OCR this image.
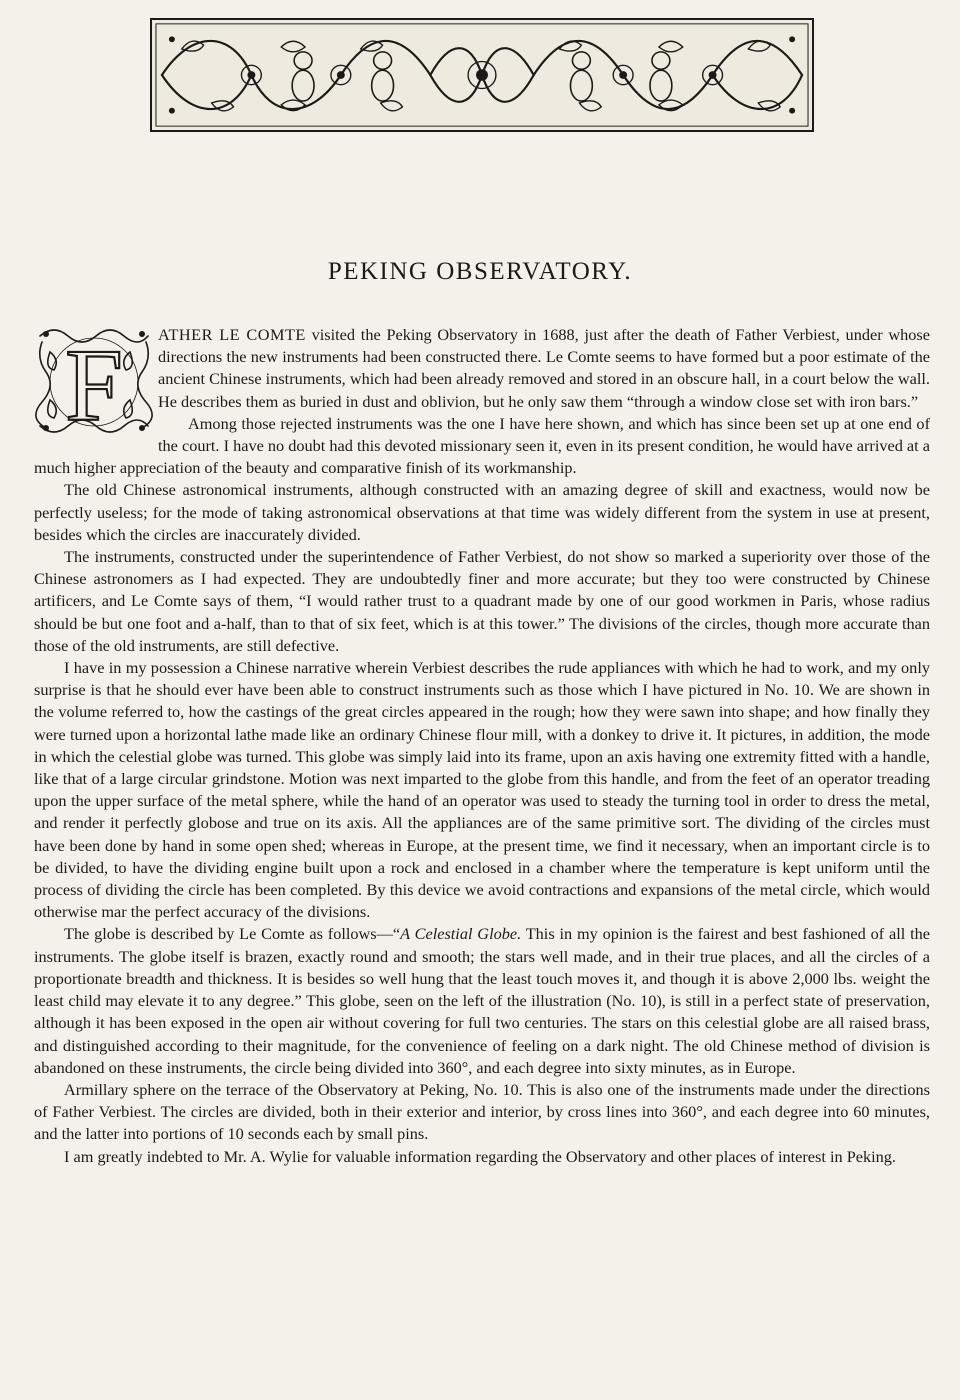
PEKING OBSERVATORY.
F	ATHER LE COMTE visited the Peking Observatory in 1688, just after the death of Father Verbiest, under whose directions the new instruments had been constructed there. Le Comte seems to have formed but a poor estimate of the ancient Chinese instruments, which had been already removed and stored in an obscure hall, in a court below the wall. He describes them as buried in dust and oblivion, but he only saw them “through a window close set with iron bars.”

Among those rejected instruments was the one I have here shown, and which has since been set up at one end of the court. I have no doubt had this devoted missionary seen it, even in its present condition, he would have arrived at a much higher appreciation of the beauty and comparative finish of its workmanship.

The old Chinese astronomical instruments, although constructed with an amazing degree of skill and exactness, would now be perfectly useless; for the mode of taking astronomical observations at that time was widely different from the system in use at present, besides which the circles are inaccurately divided.

The instruments, constructed under the superintendence of Father Verbiest, do not show so marked a superiority over those of the Chinese astronomers as I had expected. They are undoubtedly finer and more accurate; but they too were constructed by Chinese artificers, and Le Comte says of them, “I would rather trust to a quadrant made by one of our good workmen in Paris, whose radius should be but one foot and a-half, than to that of six feet, which is at this tower.” The divisions of the circles, though more accurate than those of the old instruments, are still defective.

I have in my possession a Chinese narrative wherein Verbiest describes the rude appliances with which he had to work, and my only surprise is that he should ever have been able to construct instruments such as those which I have pictured in No. 10. We are shown in the volume referred to, how the castings of the great circles appeared in the rough; how they were sawn into shape; and how finally they were turned upon a horizontal lathe made like an ordinary Chinese flour mill, with a donkey to drive it. It pictures, in addition, the mode in which the celestial globe was turned. This globe was simply laid into its frame, upon an axis having one extremity fitted with a handle, like that of a large circular grindstone. Motion was next imparted to the globe from this handle, and from the feet of an operator treading upon the upper surface of the metal sphere, while the hand of an operator was used to steady the turning tool in order to dress the metal, and render it perfectly globose and true on its axis. All the appliances are of the same primitive sort. The dividing of the circles must have been done by hand in some open shed; whereas in Europe, at the present time, we find it necessary, when an important circle is to be divided, to have the dividing engine built upon a rock and enclosed in a chamber where the temperature is kept uniform until the process of dividing the circle has been completed. By this device we avoid contractions and expansions of the metal circle, which would otherwise mar the perfect accuracy of the divisions.

The globe is described by Le Comte as follows—“A Celestial Globe. This in my opinion is the fairest and best fashioned of all the instruments. The globe itself is brazen, exactly round and smooth; the stars well made, and in their true places, and all the circles of a proportionate breadth and thickness. It is besides so well hung that the least touch moves it, and though it is above 2,000 lbs. weight the least child may elevate it to any degree.” This globe, seen on the left of the illustration (No. 10), is still in a perfect state of preservation, although it has been exposed in the open air without covering for full two centuries. The stars on this celestial globe are all raised brass, and distinguished according to their magnitude, for the convenience of feeling on a dark night. The old Chinese method of division is abandoned on these instruments, the circle being divided into 360°, and each degree into sixty minutes, as in Europe.

Armillary sphere on the terrace of the Observatory at Peking, No. 10. This is also one of the instruments made under the directions of Father Verbiest. The circles are divided, both in their exterior and interior, by cross lines into 360°, and each degree into 60 minutes, and the latter into portions of 10 seconds each by small pins.

I am greatly indebted to Mr. A. Wylie for valuable information regarding the Observatory and other places of interest in Peking.
